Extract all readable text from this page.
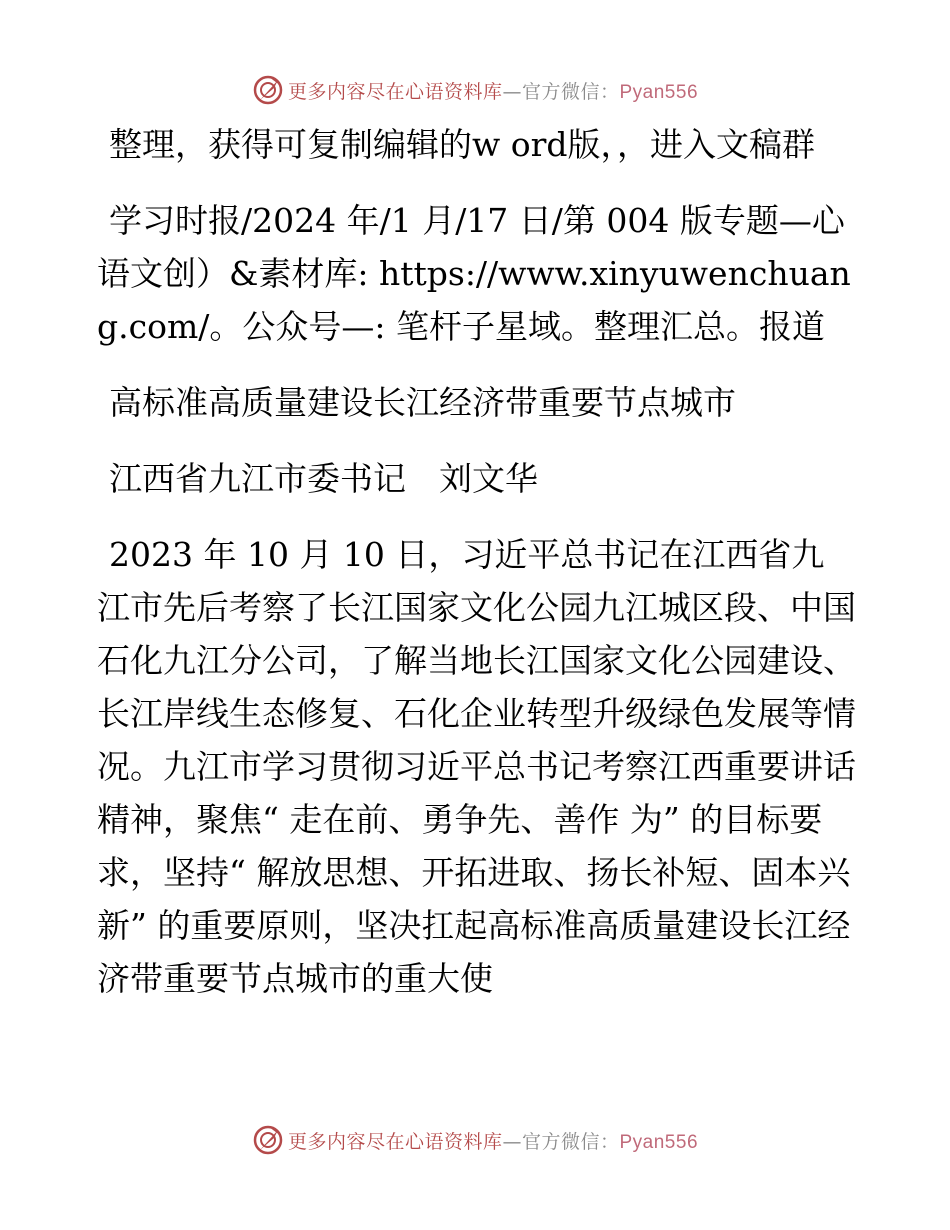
更多内容尽在心语资料库—官方微信：Pyan556

整理，获得可复制编辑的w ord版，，进入文稿群

学习时报/2024 年/1 月/17 日/第 004 版专题—心语文创）&素材库: https://www.xinyuwenchuang.com/。公众号—: 笔杆子星域。整理汇总。报道

高标准高质量建设长江经济带重要节点城市

江西省九江市委书记　刘文华

2023 年 10 月 10 日，习近平总书记在江西省九江市先后考察了长江国家文化公园九江城区段、中国石化九江分公司，了解当地长江国家文化公园建设、长江岸线生态修复、石化企业转型升级绿色发展等情况。九江市学习贯彻习近平总书记考察江西重要讲话精神，聚焦“ 走在前、勇争先、善作 为” 的目标要求，坚持“ 解放思想、开拓进取、扬长补短、固本兴新” 的重要原则，坚决扛起高标准高质量建设长江经济带重要节点城市的重大使

更多内容尽在心语资料库—官方微信：Pyan556
